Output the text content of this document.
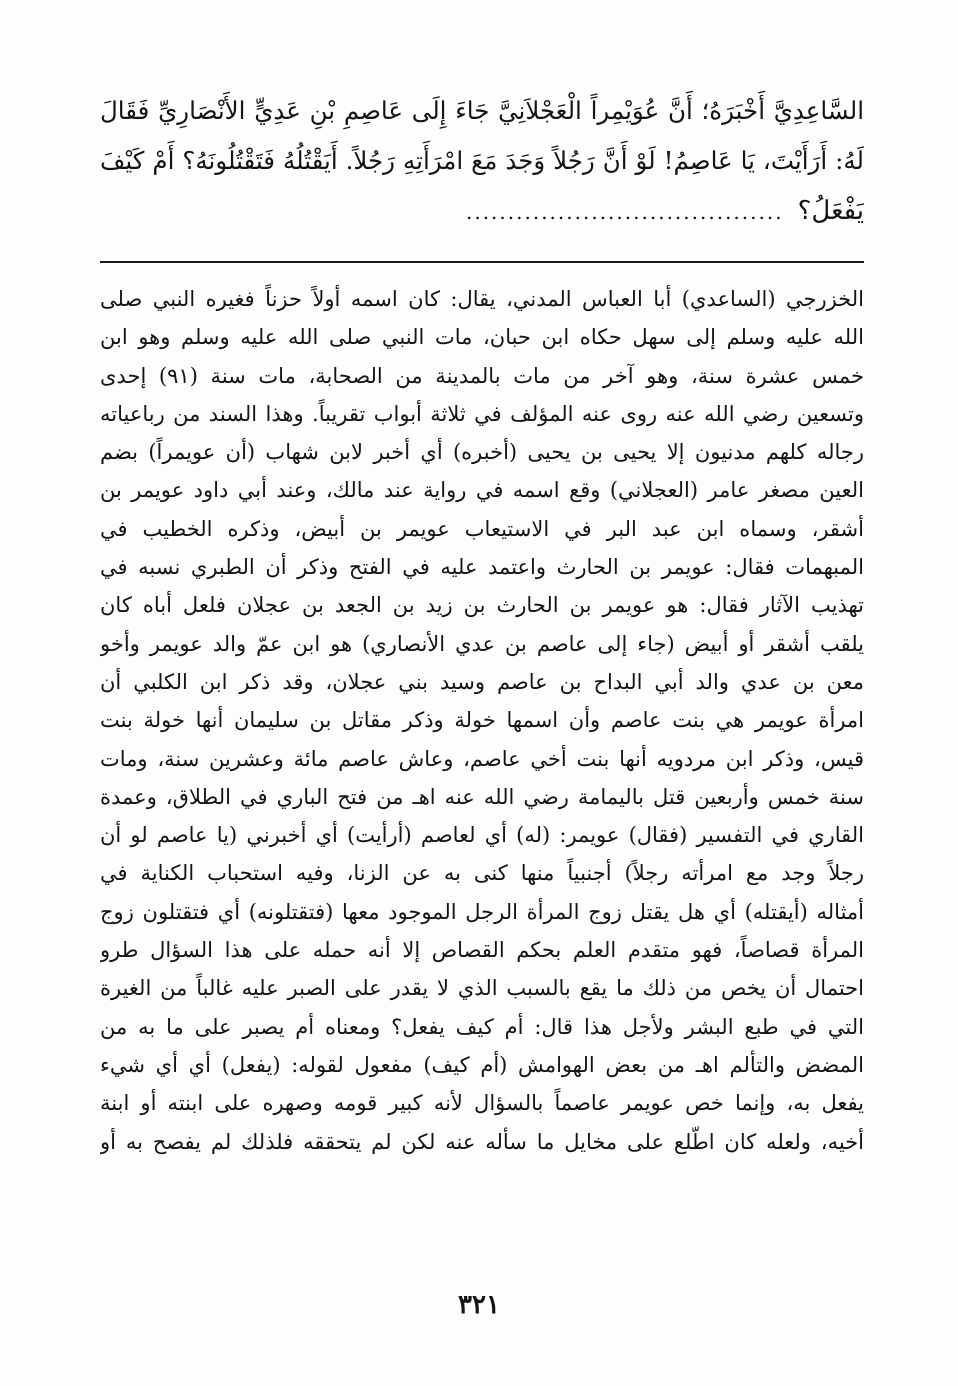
السَّاعِدِيَّ أَخْبَرَهُ؛ أَنَّ عُوَيْمِراً الْعَجْلاَنِيَّ جَاءَ إِلَى عَاصِمِ بْنِ عَدِيٍّ الأَنْصَارِيِّ فَقَالَ
لَهُ: أَرَأَيْتَ، يَا عَاصِمُ! لَوْ أَنَّ رَجُلاً وَجَدَ مَعَ امْرَأَتِهِ رَجُلاً. أَيَقْتُلُهُ فَتَقْتُلُونَهُ؟ أَمْ كَيْفَ
يَفْعَلُ؟......................................
الخزرجي (الساعدي) أبا العباس المدني، يقال: كان اسمه أولاً حزناً فغيره النبي صلى
الله عليه وسلم إلى سهل حكاه ابن حبان، مات النبي صلى الله عليه وسلم وهو ابن
خمس عشرة سنة، وهو آخر من مات بالمدينة من الصحابة، مات سنة (٩١) إحدى
وتسعين رضي الله عنه روى عنه المؤلف في ثلاثة أبواب تقريباً. وهذا السند من رباعياته
رجاله كلهم مدنيون إلا يحيى بن يحيى (أخبره) أي أخبر لابن شهاب (أن عويمراً) بضم
العين مصغر عامر (العجلاني) وقع اسمه في رواية عند مالك، وعند أبي داود عويمر بن
أشقر، وسماه ابن عبد البر في الاستيعاب عويمر بن أبيض، وذكره الخطيب في
المبهمات فقال: عويمر بن الحارث واعتمد عليه في الفتح وذكر أن الطبري نسبه في
تهذيب الآثار فقال: هو عويمر بن الحارث بن زيد بن الجعد بن عجلان فلعل أباه كان
يلقب أشقر أو أبيض (جاء إلى عاصم بن عدي الأنصاري) هو ابن عمّ والد عويمر وأخو
معن بن عدي والد أبي البداح بن عاصم وسيد بني عجلان، وقد ذكر ابن الكلبي أن
امرأة عويمر هي بنت عاصم وأن اسمها خولة وذكر مقاتل بن سليمان أنها خولة بنت
قيس، وذكر ابن مردويه أنها بنت أخي عاصم، وعاش عاصم مائة وعشرين سنة، ومات
سنة خمس وأربعين قتل باليمامة رضي الله عنه اهـ من فتح الباري في الطلاق، وعمدة
القاري في التفسير (فقال) عويمر: (له) أي لعاصم (أرأيت) أي أخبرني (يا عاصم لو أن
رجلاً وجد مع امرأته رجلاً) أجنبياً منها كنى به عن الزنا، وفيه استحباب الكناية في
أمثاله (أيقتله) أي هل يقتل زوج المرأة الرجل الموجود معها (فتقتلونه) أي فتقتلون زوج
المرأة قصاصاً، فهو متقدم العلم بحكم القصاص إلا أنه حمله على هذا السؤال طرو
احتمال أن يخص من ذلك ما يقع بالسبب الذي لا يقدر على الصبر عليه غالباً من الغيرة
التي في طبع البشر ولأجل هذا قال: أم كيف يفعل؟ ومعناه أم يصبر على ما به من
المضض والتألم اهـ من بعض الهوامش (أم كيف) مفعول لقوله: (يفعل) أي أي شيء
يفعل به، وإنما خص عويمر عاصماً بالسؤال لأنه كبير قومه وصهره على ابنته أو ابنة
أخيه، ولعله كان اطّلع على مخايل ما سأله عنه لكن لم يتحققه فلذلك لم يفصح به أو
٣٢١
